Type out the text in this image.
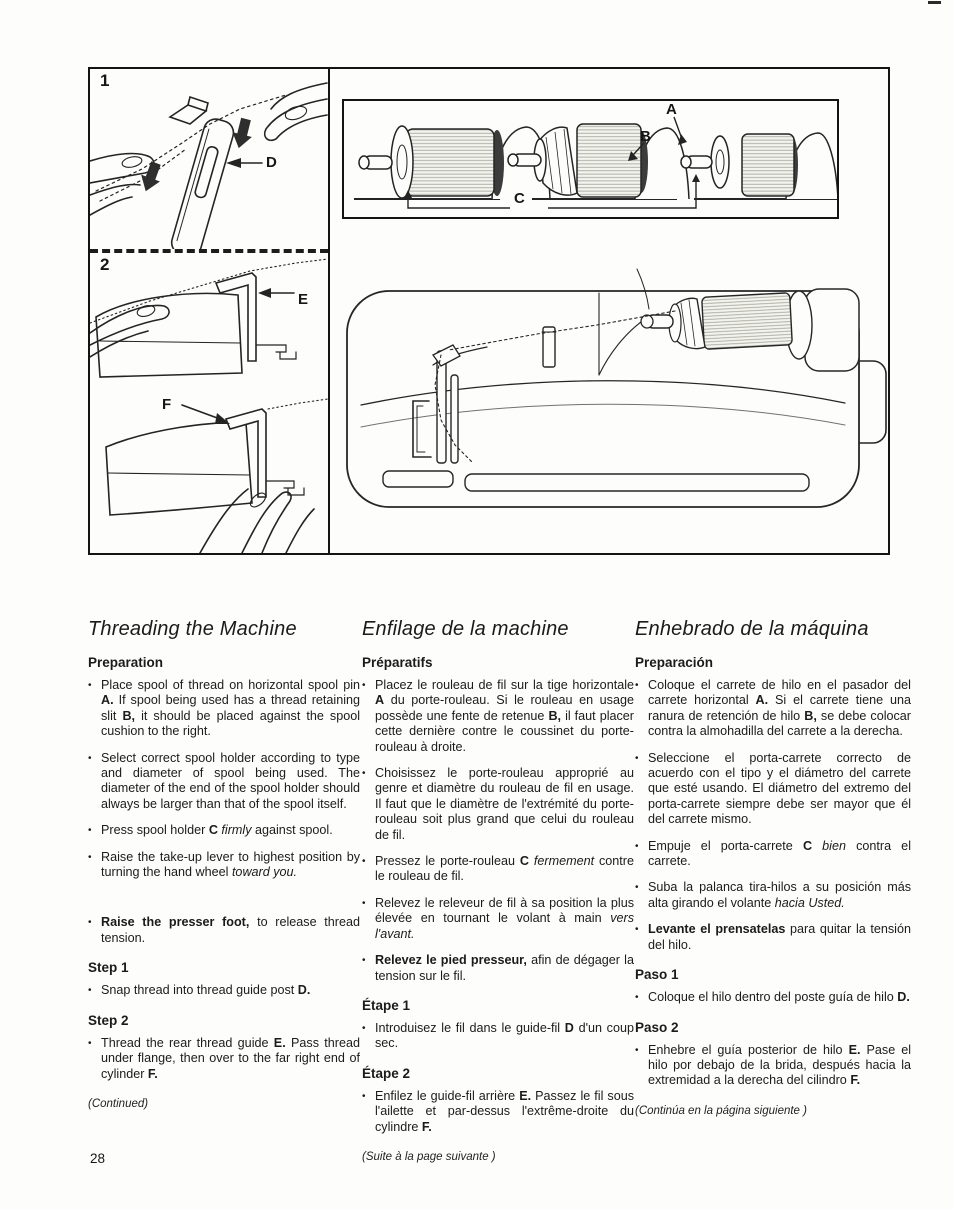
1
2
D
E
F
A
B
C
Threading the Machine
Preparation
• Place spool of thread on horizontal spool pin A. If spool being used has a thread retaining slit B, it should be placed against the spool cushion to the right.

• Select correct spool holder according to type and diameter of spool being used. The diameter of the end of the spool holder should always be larger than that of the spool itself.

• Press spool holder C firmly against spool.

• Raise the take-up lever to highest position by turning the hand wheel toward you.

• Raise the presser foot, to release thread tension.

Step 1
• Snap thread into thread guide post D.

Step 2
• Thread the rear thread guide E. Pass thread under flange, then over to the far right end of cylinder F.

(Continued)
Enfilage de la machine
Préparatifs
• Placez le rouleau de fil sur la tige horizontale A du porte-rouleau. Si le rouleau en usage possède une fente de retenue B, il faut placer cette dernière contre le coussinet du porte-rouleau à droite.

• Choisissez le porte-rouleau approprié au genre et diamètre du rouleau de fil en usage. Il faut que le diamètre de l'extrémité du porte-rouleau soit plus grand que celui du rouleau de fil.

• Pressez le porte-rouleau C fermement contre le rouleau de fil.

• Relevez le releveur de fil à sa position la plus élevée en tournant le volant à main vers l'avant.

• Relevez le pied presseur, afin de dégager la tension sur le fil.

Étape 1
• Introduisez le fil dans le guide-fil D d'un coup sec.

Étape 2
• Enfilez le guide-fil arrière E. Passez le fil sous l'ailette et par-dessus l'extrême-droite du cylindre F.

(Suite à la page suivante )
Enhebrado de la máquina
Preparación
• Coloque el carrete de hilo en el pasador del carrete horizontal A. Si el carrete tiene una ranura de retención de hilo B, se debe colocar contra la almohadilla del carrete a la derecha.

• Seleccione el porta-carrete correcto de acuerdo con el tipo y el diámetro del carrete que esté usando. El diámetro del extremo del porta-carrete siempre debe ser mayor que él del carrete mismo.

• Empuje el porta-carrete C bien contra el carrete.

• Suba la palanca tira-hilos a su posición más alta girando el volante hacia Usted.

• Levante el prensatelas para quitar la tensión del hilo.

Paso 1
• Coloque el hilo dentro del poste guía de hilo D.

Paso 2
• Enhebre el guía posterior de hilo E. Pase el hilo por debajo de la brida, después hacia la extremidad a la derecha del cilindro F.

(Continúa en la página siguiente )
28
